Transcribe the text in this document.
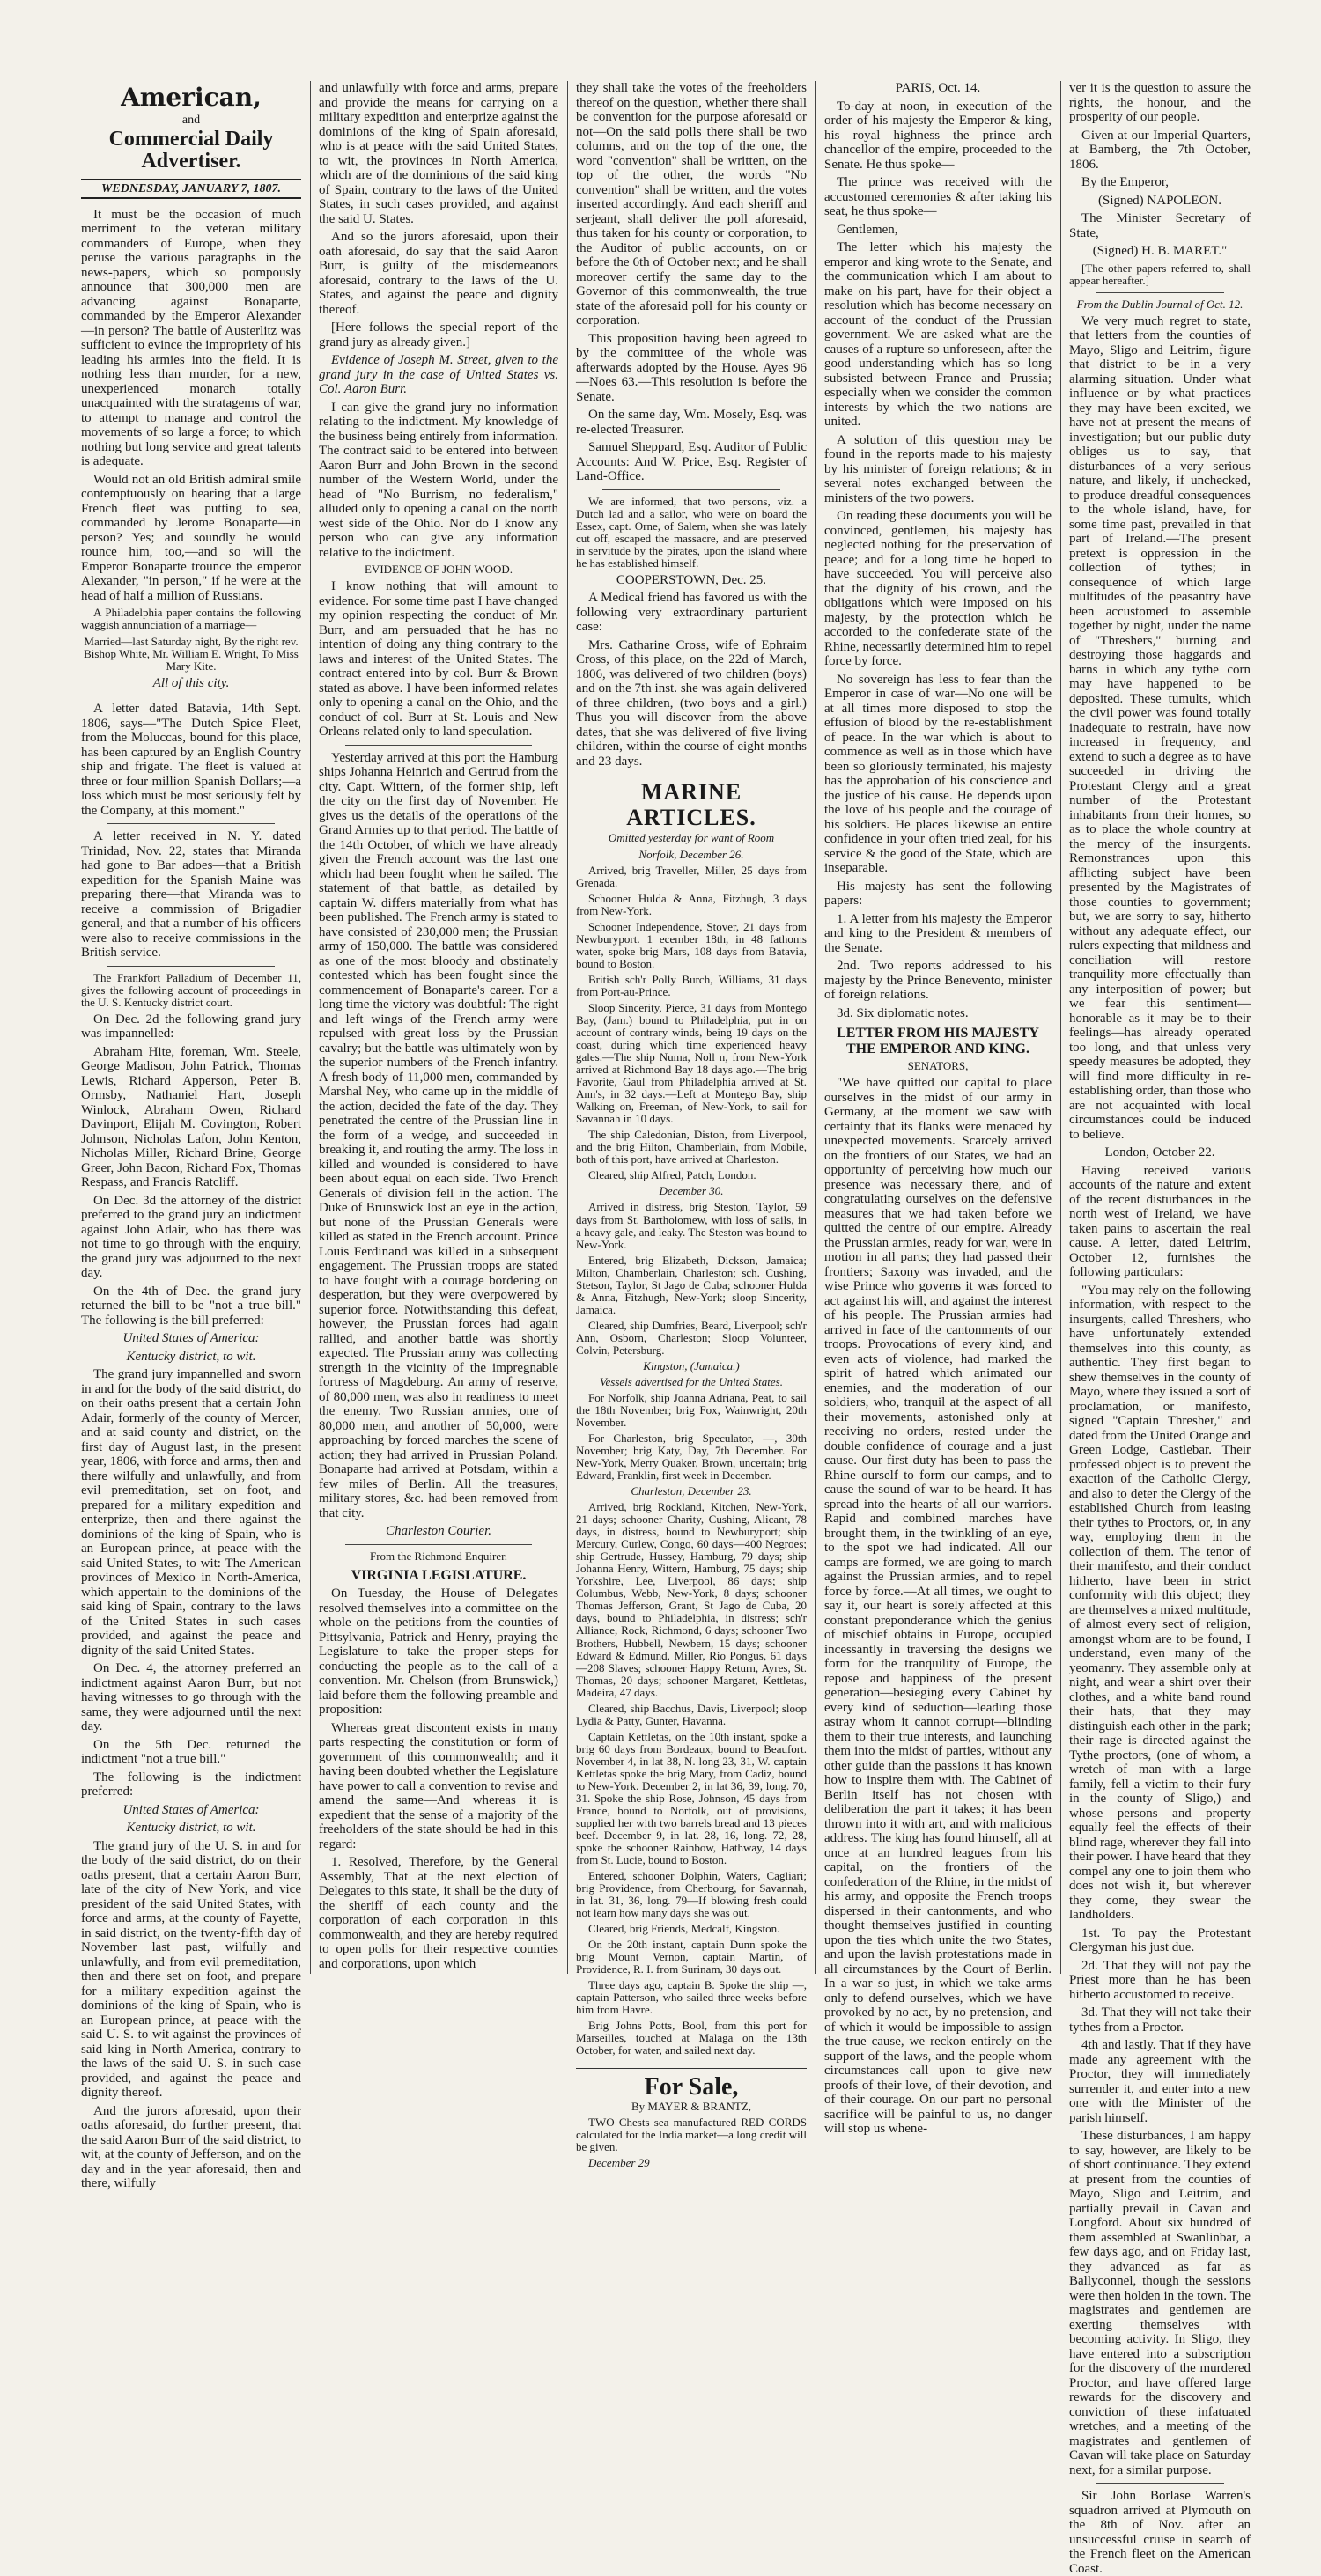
American,
and
Commercial Daily Advertiser.
WEDNESDAY, JANUARY 7, 1807.

It must be the occasion of much merriment to the veteran military commanders of Europe, when they peruse the various paragraphs in the news-papers, which so pompously announce that 300,000 men are advancing against Bonaparte, commanded by the Emperor Alexander—in person? The battle of Austerlitz was sufficient to evince the impropriety of his leading his armies into the field. It is nothing less than murder, for a new, unexperienced monarch totally unacquainted with the stratagems of war, to attempt to manage and control the movements of so large a force; to which nothing but long service and great talents is adequate.

Would not an old British admiral smile contemptuously on hearing that a large French fleet was putting to sea, commanded by Jerome Bonaparte—in person? Yes; and soundly he would rounce him, too,—and so will the Emperor Bonaparte trounce the emperor Alexander, "in person," if he were at the head of half a million of Russians.

A Philadelphia paper contains the following waggish annunciation of a marriage—

Married—last Saturday night, By the right rev. Bishop White, Mr. William E. Wright, To Miss Mary Kite.

All of this city.

A letter dated Batavia, 14th Sept. 1806, says—"The Dutch Spice Fleet, from the Moluccas, bound for this place, has been captured by an English Country ship and frigate. The fleet is valued at three or four million Spanish Dollars;—a loss which must be most seriously felt by the Company, at this moment."

A letter received in N. Y. dated Trinidad, Nov. 22, states that Miranda had gone to Bar adoes—that a British expedition for the Spanish Maine was preparing there—that Miranda was to receive a commission of Brigadier general, and that a number of his officers were also to receive commissions in the British service.

The Frankfort Palladium of December 11, gives the following account of proceedings in the U. S. Kentucky district court.

On Dec. 2d the following grand jury was impannelled:

Abraham Hite, foreman, Wm. Steele, George Madison, John Patrick, Thomas Lewis, Richard Apperson, Peter B. Ormsby, Nathaniel Hart, Joseph Winlock, Abraham Owen, Richard Davinport, Elijah M. Covington, Robert Johnson, Nicholas Lafon, John Kenton, Nicholas Miller, Richard Brine, George Greer, John Bacon, Richard Fox, Thomas Respass, and Francis Ratcliff.

On Dec. 3d the attorney of the district preferred to the grand jury an indictment against John Adair, who has there was not time to go through with the enquiry, the grand jury was adjourned to the next day.

On the 4th of Dec. the grand jury returned the bill to be "not a true bill." The following is the bill preferred:

United States of America:

Kentucky district, to wit.

The grand jury impannelled and sworn in and for the body of the said district, do on their oaths present that a certain John Adair, formerly of the county of Mercer, and at said county and district, on the first day of August last, in the present year, 1806, with force and arms, then and there wilfully and unlawfully, and from evil premeditation, set on foot, and prepared for a military expedition and enterprize, then and there against the dominions of the king of Spain, who is an European prince, at peace with the said United States, to wit: The American provinces of Mexico in North-America, which appertain to the dominions of the said king of Spain, contrary to the laws of the United States in such cases provided, and against the peace and dignity of the said United States.

On Dec. 4, the attorney preferred an indictment against Aaron Burr, but not having witnesses to go through with the same, they were adjourned until the next day.

On the 5th Dec. returned the indictment "not a true bill."

The following is the indictment preferred:

United States of America:

Kentucky district, to wit.

The grand jury of the U. S. in and for the body of the said district, do on their oaths present, that a certain Aaron Burr, late of the city of New York, and vice president of the said United States, with force and arms, at the county of Fayette, in said district, on the twenty-fifth day of November last past, wilfully and unlawfully, and from evil premeditation, then and there set on foot, and prepare for a military expedition against the dominions of the king of Spain, who is an European prince, at peace with the said U. S. to wit against the provinces of said king in North America, contrary to the laws of the said U. S. in such case provided, and against the peace and dignity thereof.

And the jurors aforesaid, upon their oaths aforesaid, do further present, that the said Aaron Burr of the said district, to wit, at the county of Jefferson, and on the day and in the year aforesaid, then and there, wilfully

and unlawfully with force and arms, prepare and provide the means for carrying on a military expedition and enterprize against the dominions of the king of Spain aforesaid, who is at peace with the said United States, to wit, the provinces in North America, which are of the dominions of the said king of Spain, contrary to the laws of the United States, in such cases provided, and against the said U. States.

And so the jurors aforesaid, upon their oath aforesaid, do say that the said Aaron Burr, is guilty of the misdemeanors aforesaid, contrary to the laws of the U. States, and against the peace and dignity thereof.

[Here follows the special report of the grand jury as already given.]

Evidence of Joseph M. Street, given to the grand jury in the case of United States vs. Col. Aaron Burr.

I can give the grand jury no information relating to the indictment. My knowledge of the business being entirely from information. The contract said to be entered into between Aaron Burr and John Brown in the second number of the Western World, under the head of "No Burrism, no federalism," alluded only to opening a canal on the north west side of the Ohio. Nor do I know any person who can give any information relative to the indictment.

EVIDENCE OF JOHN WOOD.

I know nothing that will amount to evidence. For some time past I have changed my opinion respecting the conduct of Mr. Burr, and am persuaded that he has no intention of doing any thing contrary to the laws and interest of the United States. The contract entered into by col. Burr & Brown stated as above. I have been informed relates only to opening a canal on the Ohio, and the conduct of col. Burr at St. Louis and New Orleans related only to land speculation.

Yesterday arrived at this port the Hamburg ships Johanna Heinrich and Gertrud from the city. Capt. Wittern, of the former ship, left the city on the first day of November. He gives us the details of the operations of the Grand Armies up to that period. The battle of the 14th October, of which we have already given the French account was the last one which had been fought when he sailed. The statement of that battle, as detailed by captain W. differs materially from what has been published. The French army is stated to have consisted of 230,000 men; the Prussian army of 150,000. The battle was considered as one of the most bloody and obstinately contested which has been fought since the commencement of Bonaparte's career. For a long time the victory was doubtful: The right and left wings of the French army were repulsed with great loss by the Prussian cavalry; but the battle was ultimately won by the superior numbers of the French infantry. A fresh body of 11,000 men, commanded by Marshal Ney, who came up in the middle of the action, decided the fate of the day. They penetrated the centre of the Prussian line in the form of a wedge, and succeeded in breaking it, and routing the army. The loss in killed and wounded is considered to have been about equal on each side. Two French Generals of division fell in the action. The Duke of Brunswick lost an eye in the action, but none of the Prussian Generals were killed as stated in the French account. Prince Louis Ferdinand was killed in a subsequent engagement. The Prussian troops are stated to have fought with a courage bordering on desperation, but they were overpowered by superior force. Notwithstanding this defeat, however, the Prussian forces had again rallied, and another battle was shortly expected. The Prussian army was collecting strength in the vicinity of the impregnable fortress of Magdeburg. An army of reserve, of 80,000 men, was also in readiness to meet the enemy. Two Russian armies, one of 80,000 men, and another of 50,000, were approaching by forced marches the scene of action; they had arrived in Prussian Poland. Bonaparte had arrived at Potsdam, within a few miles of Berlin. All the treasures, military stores, &c. had been removed from that city.

Charleston Courier.

From the Richmond Enquirer.

VIRGINIA LEGISLATURE.

On Tuesday, the House of Delegates resolved themselves into a committee on the whole on the petitions from the counties of Pittsylvania, Patrick and Henry, praying the Legislature to take the proper steps for conducting the people as to the call of a convention. Mr. Chelson (from Brunswick,) laid before them the following preamble and proposition:

Whereas great discontent exists in many parts respecting the constitution or form of government of this commonwealth; and it having been doubted whether the Legislature have power to call a convention to revise and amend the same—And whereas it is expedient that the sense of a majority of the freeholders of the state should be had in this regard:

1. Resolved, Therefore, by the General Assembly, That at the next election of Delegates to this state, it shall be the duty of the sheriff of each county and the corporation of each corporation in this commonwealth, and they are hereby required to open polls for their respective counties and corporations, upon which

they shall take the votes of the freeholders thereof on the question, whether there shall be convention for the purpose aforesaid or not—On the said polls there shall be two columns, and on the top of the one, the word "convention" shall be written, on the top of the other, the words "No convention" shall be written, and the votes inserted accordingly. And each sheriff and serjeant, shall deliver the poll aforesaid, thus taken for his county or corporation, to the Auditor of public accounts, on or before the 6th of October next; and he shall moreover certify the same day to the Governor of this commonwealth, the true state of the aforesaid poll for his county or corporation.

This proposition having been agreed to by the committee of the whole was afterwards adopted by the House. Ayes 96 —Noes 63.—This resolution is before the Senate.

On the same day, Wm. Mosely, Esq. was re-elected Treasurer.

Samuel Sheppard, Esq. Auditor of Public Accounts: And W. Price, Esq. Register of Land-Office.

We are informed, that two persons, viz. a Dutch lad and a sailor, who were on board the Essex, capt. Orne, of Salem, when she was lately cut off, escaped the massacre, and are preserved in servitude by the pirates, upon the island where he has established himself.

COOPERSTOWN, Dec. 25.

A Medical friend has favored us with the following very extraordinary parturient case:

Mrs. Catharine Cross, wife of Ephraim Cross, of this place, on the 22d of March, 1806, was delivered of two children (boys) and on the 7th inst. she was again delivered of three children, (two boys and a girl.) Thus you will discover from the above dates, that she was delivered of five living children, within the course of eight months and 23 days.

MARINE ARTICLES.

Omitted yesterday for want of Room

Norfolk, December 26.

Arrived, brig Traveller, Miller, 25 days from Grenada.

Schooner Hulda & Anna, Fitzhugh, 3 days from New-York.

Schooner Independence, Stover, 21 days from Newburyport. 1 ecember 18th, in 48 fathoms water, spoke brig Mars, 108 days from Batavia, bound to Boston.

British sch'r Polly Burch, Williams, 31 days from Port-au-Prince.

Sloop Sincerity, Pierce, 31 days from Montego Bay, (Jam.) bound to Philadelphia, put in on account of contrary winds, being 19 days on the coast, during which time experienced heavy gales.—The ship Numa, Noll n, from New-York arrived at Richmond Bay 18 days ago.—The brig Favorite, Gaul from Philadelphia arrived at St. Ann's, in 32 days.—Left at Montego Bay, ship Walking on, Freeman, of New-York, to sail for Savannah in 10 days.

The ship Caledonian, Diston, from Liverpool, and the brig Hilton, Chamberlain, from Mobile, both of this port, have arrived at Charleston.

Cleared, ship Alfred, Patch, London.

December 30.

Arrived in distress, brig Steston, Taylor, 59 days from St. Bartholomew, with loss of sails, in a heavy gale, and leaky. The Steston was bound to New-York.

Entered, brig Elizabeth, Dickson, Jamaica; Milton, Chamberlain, Charleston; sch. Cushing, Stetson, Taylor, St Jago de Cuba; schooner Hulda & Anna, Fitzhugh, New-York; sloop Sincerity, Jamaica.

Cleared, ship Dumfries, Beard, Liverpool; sch'r Ann, Osborn, Charleston; Sloop Volunteer, Colvin, Petersburg.

Kingston, (Jamaica.)

Vessels advertised for the United States.

For Norfolk, ship Joanna Adriana, Peat, to sail the 18th November; brig Fox, Wainwright, 20th November.

For Charleston, brig Speculator, —, 30th November; brig Katy, Day, 7th December. For New-York, Merry Quaker, Brown, uncertain; brig Edward, Franklin, first week in December.

Charleston, December 23.

Arrived, brig Rockland, Kitchen, New-York, 21 days; schooner Charity, Cushing, Alicant, 78 days, in distress, bound to Newburyport; ship Mercury, Curlew, Congo, 60 days—400 Negroes; ship Gertrude, Hussey, Hamburg, 79 days; ship Johanna Henry, Wittern, Hamburg, 75 days; ship Yorkshire, Lee, Liverpool, 86 days; ship Columbus, Webb, New-York, 8 days; schooner Thomas Jefferson, Grant, St Jago de Cuba, 20 days, bound to Philadelphia, in distress; sch'r Alliance, Rock, Richmond, 6 days; schooner Two Brothers, Hubbell, Newbern, 15 days; schooner Edward & Edmund, Miller, Rio Pongus, 61 days—208 Slaves; schooner Happy Return, Ayres, St. Thomas, 20 days; schooner Margaret, Kettletas, Madeira, 47 days.

Cleared, ship Bacchus, Davis, Liverpool; sloop Lydia & Patty, Gunter, Havanna.

Captain Kettletas, on the 10th instant, spoke a brig 60 days from Bordeaux, bound to Beaufort. November 4, in lat 38, N. long 23, 31, W. captain Kettletas spoke the brig Mary, from Cadiz, bound to New-York. December 2, in lat 36, 39, long. 70, 31. Spoke the ship Rose, Johnson, 45 days from France, bound to Norfolk, out of provisions, supplied her with two barrels bread and 13 pieces beef. December 9, in lat. 28, 16, long. 72, 28, spoke the schooner Rainbow, Hathway, 14 days from St. Lucie, bound to Boston.

Entered, schooner Dolphin, Waters, Cagliari; brig Providence, from Cherbourg, for Savannah, in lat. 31, 36, long. 79—If blowing fresh could not learn how many days she was out.

Cleared, brig Friends, Medcalf, Kingston.

On the 20th instant, captain Dunn spoke the brig Mount Vernon, captain Martin, of Providence, R. I. from Surinam, 30 days out.

Three days ago, captain B. Spoke the ship —, captain Patterson, who sailed three weeks before him from Havre.

Brig Johns Potts, Bool, from this port for Marseilles, touched at Malaga on the 13th October, for water, and sailed next day.

For Sale,

By MAYER & BRANTZ,

TWO Chests sea manufactured RED CORDS calculated for the India market—a long credit will be given.

December 29

PARIS, Oct. 14.

To-day at noon, in execution of the order of his majesty the Emperor & king, his royal highness the prince arch chancellor of the empire, proceeded to the Senate. He thus spoke—

The prince was received with the accustomed ceremonies & after taking his seat, he thus spoke—

Gentlemen,

The letter which his majesty the emperor and king wrote to the Senate, and the communication which I am about to make on his part, have for their object a resolution which has become necessary on account of the conduct of the Prussian government. We are asked what are the causes of a rupture so unforeseen, after the good understanding which has so long subsisted between France and Prussia; especially when we consider the common interests by which the two nations are united.

A solution of this question may be found in the reports made to his majesty by his minister of foreign relations; & in several notes exchanged between the ministers of the two powers.

On reading these documents you will be convinced, gentlemen, his majesty has neglected nothing for the preservation of peace; and for a long time he hoped to have succeeded. You will perceive also that the dignity of his crown, and the obligations which were imposed on his majesty, by the protection which he accorded to the confederate state of the Rhine, necessarily determined him to repel force by force.

No sovereign has less to fear than the Emperor in case of war—No one will be at all times more disposed to stop the effusion of blood by the re-establishment of peace. In the war which is about to commence as well as in those which have been so gloriously terminated, his majesty has the approbation of his conscience and the justice of his cause. He depends upon the love of his people and the courage of his soldiers. He places likewise an entire confidence in your often tried zeal, for his service & the good of the State, which are inseparable.

His majesty has sent the following papers:

1. A letter from his majesty the Emperor and king to the President & members of the Senate.

2nd. Two reports addressed to his majesty by the Prince Benevento, minister of foreign relations.

3d. Six diplomatic notes.

LETTER FROM HIS MAJESTY THE EMPEROR AND KING.

SENATORS,

"We have quitted our capital to place ourselves in the midst of our army in Germany, at the moment we saw with certainty that its flanks were menaced by unexpected movements. Scarcely arrived on the frontiers of our States, we had an opportunity of perceiving how much our presence was necessary there, and of congratulating ourselves on the defensive measures that we had taken before we quitted the centre of our empire. Already the Prussian armies, ready for war, were in motion in all parts; they had passed their frontiers; Saxony was invaded, and the wise Prince who governs it was forced to act against his will, and against the interest of his people. The Prussian armies had arrived in face of the cantonments of our troops. Provocations of every kind, and even acts of violence, had marked the spirit of hatred which animated our enemies, and the moderation of our soldiers, who, tranquil at the aspect of all their movements, astonished only at receiving no orders, rested under the double confidence of courage and a just cause. Our first duty has been to pass the Rhine ourself to form our camps, and to cause the sound of war to be heard. It has spread into the hearts of all our warriors. Rapid and combined marches have brought them, in the twinkling of an eye, to the spot we had indicated. All our camps are formed, we are going to march against the Prussian armies, and to repel force by force.—At all times, we ought to say it, our heart is sorely affected at this constant preponderance which the genius of mischief obtains in Europe, occupied incessantly in traversing the designs we form for the tranquility of Europe, the repose and happiness of the present generation—besieging every Cabinet by every kind of seduction—leading those astray whom it cannot corrupt—blinding them to their true interests, and launching them into the midst of parties, without any other guide than the passions it has known how to inspire them with. The Cabinet of Berlin itself has not chosen with deliberation the part it takes; it has been thrown into it with art, and with malicious address. The king has found himself, all at once at an hundred leagues from his capital, on the frontiers of the confederation of the Rhine, in the midst of his army, and opposite the French troops dispersed in their cantonments, and who thought themselves justified in counting upon the ties which unite the two States, and upon the lavish protestations made in all circumstances by the Court of Berlin. In a war so just, in which we take arms only to defend ourselves, which we have provoked by no act, by no pretension, and of which it would be impossible to assign the true cause, we reckon entirely on the support of the laws, and the people whom circumstances call upon to give new proofs of their love, of their devotion, and of their courage. On our part no personal sacrifice will be painful to us, no danger will stop us whene-

ver it is the question to assure the rights, the honour, and the prosperity of our people.

Given at our Imperial Quarters, at Bamberg, the 7th October, 1806.

By the Emperor,

(Signed) NAPOLEON.

The Minister Secretary of State,

(Signed) H. B. MARET."

[The other papers referred to, shall appear hereafter.]

From the Dublin Journal of Oct. 12.

We very much regret to state, that letters from the counties of Mayo, Sligo and Leitrim, figure that district to be in a very alarming situation. Under what influence or by what practices they may have been excited, we have not at present the means of investigation; but our public duty obliges us to say, that disturbances of a very serious nature, and likely, if unchecked, to produce dreadful consequences to the whole island, have, for some time past, prevailed in that part of Ireland.—The present pretext is oppression in the collection of tythes; in consequence of which large multitudes of the peasantry have been accustomed to assemble together by night, under the name of "Threshers," burning and destroying those haggards and barns in which any tythe corn may have happened to be deposited. These tumults, which the civil power was found totally inadequate to restrain, have now increased in frequency, and extend to such a degree as to have succeeded in driving the Protestant Clergy and a great number of the Protestant inhabitants from their homes, so as to place the whole country at the mercy of the insurgents. Remonstrances upon this afflicting subject have been presented by the Magistrates of those counties to government; but, we are sorry to say, hitherto without any adequate effect, our rulers expecting that mildness and conciliation will restore tranquility more effectually than any interposition of power; but we fear this sentiment—honorable as it may be to their feelings—has already operated too long, and that unless very speedy measures be adopted, they will find more difficulty in re-establishing order, than those who are not acquainted with local circumstances could be induced to believe.

London, October 22.

Having received various accounts of the nature and extent of the recent disturbances in the north west of Ireland, we have taken pains to ascertain the real cause. A letter, dated Leitrim, October 12, furnishes the following particulars:

"You may rely on the following information, with respect to the insurgents, called Threshers, who have unfortunately extended themselves into this county, as authentic. They first began to shew themselves in the county of Mayo, where they issued a sort of proclamation, or manifesto, signed "Captain Thresher," and dated from the United Orange and Green Lodge, Castlebar. Their professed object is to prevent the exaction of the Catholic Clergy, and also to deter the Clergy of the established Church from leasing their tythes to Proctors, or, in any way, employing them in the collection of them. The tenor of their manifesto, and their conduct hitherto, have been in strict conformity with this object; they are themselves a mixed multitude, of almost every sect of religion, amongst whom are to be found, I understand, even many of the yeomanry. They assemble only at night, and wear a shirt over their clothes, and a white band round their hats, that they may distinguish each other in the park; their rage is directed against the Tythe proctors, (one of whom, a wretch of man with a large family, fell a victim to their fury in the county of Sligo,) and whose persons and property equally feel the effects of their blind rage, wherever they fall into their power. I have heard that they compel any one to join them who does not wish it, but wherever they come, they swear the landholders.

1st. To pay the Protestant Clergyman his just due.

2d. That they will not pay the Priest more than he has been hitherto accustomed to receive.

3d. That they will not take their tythes from a Proctor.

4th and lastly. That if they have made any agreement with the Proctor, they will immediately surrender it, and enter into a new one with the Minister of the parish himself.

These disturbances, I am happy to say, however, are likely to be of short continuance. They extend at present from the counties of Mayo, Sligo and Leitrim, and partially prevail in Cavan and Longford. About six hundred of them assembled at Swanlinbar, a few days ago, and on Friday last, they advanced as far as Ballyconnel, though the sessions were then holden in the town. The magistrates and gentlemen are exerting themselves with becoming activity. In Sligo, they have entered into a subscription for the discovery of the murdered Proctor, and have offered large rewards for the discovery and conviction of these infatuated wretches, and a meeting of the magistrates and gentlemen of Cavan will take place on Saturday next, for a similar purpose.

Sir John Borlase Warren's squadron arrived at Plymouth on the 8th of Nov. after an unsuccessful cruise in search of the French fleet on the American Coast.
